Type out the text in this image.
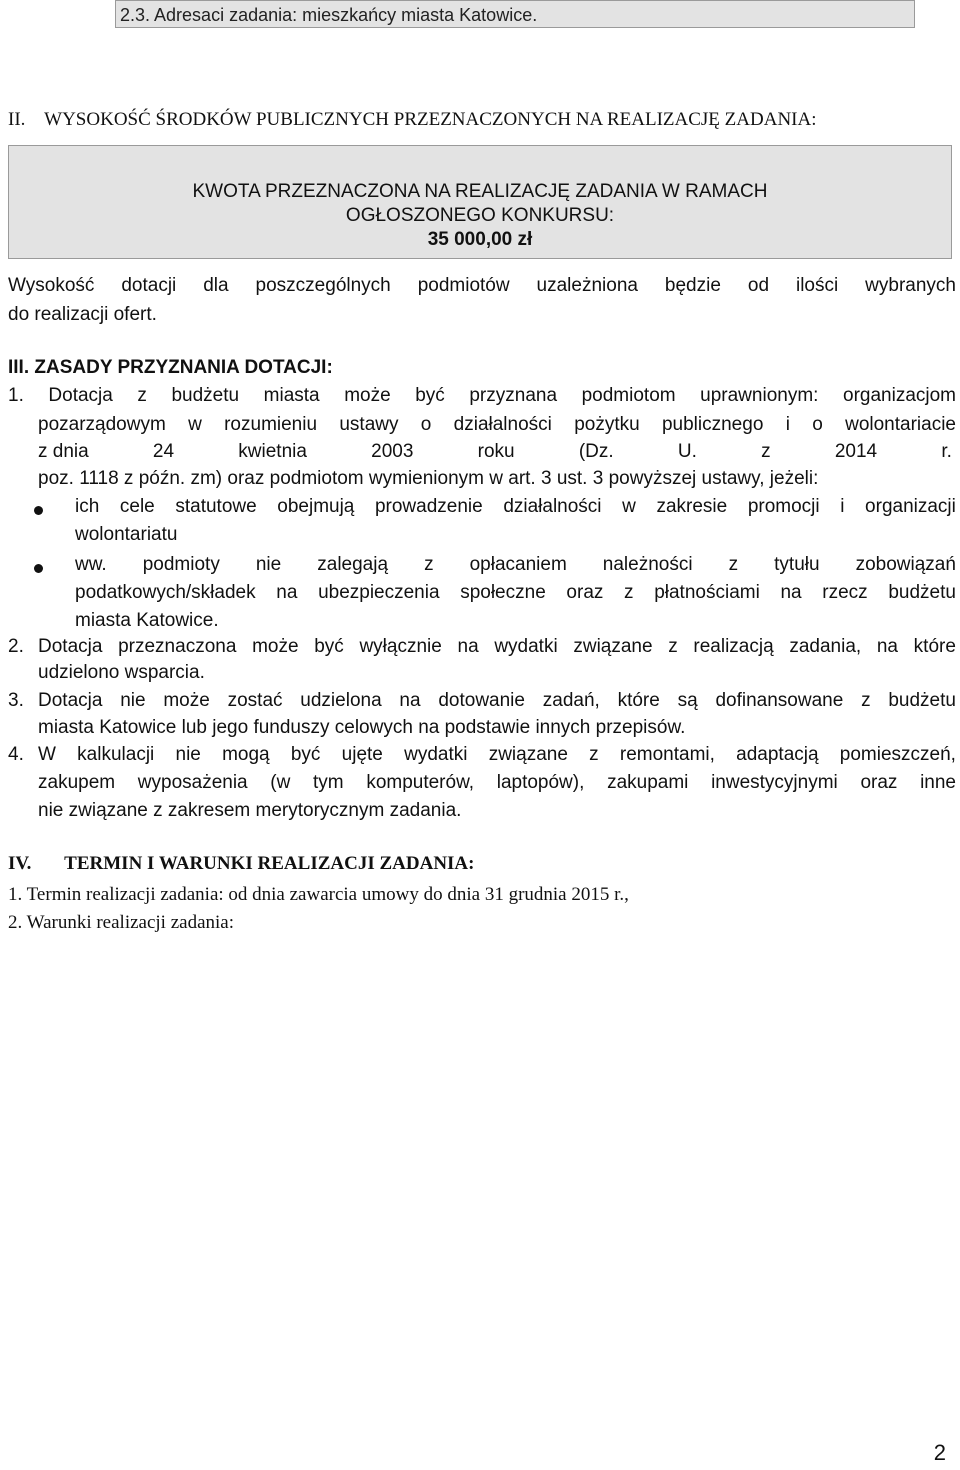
2.3. Adresaci zadania: mieszkańcy miasta Katowice.
II. WYSOKOŚĆ ŚRODKÓW PUBLICZNYCH PRZEZNACZONYCH NA REALIZACJĘ ZADANIA:
KWOTA PRZEZNACZONA NA REALIZACJĘ ZADANIA W RAMACH
OGŁOSZONEGO KONKURSU:
35 000,00 zł
Wysokość dotacji dla poszczególnych podmiotów uzależniona będzie od ilości wybranych
do realizacji ofert.
III. ZASADY PRZYZNANIA DOTACJI:
1. Dotacja z budżetu miasta może być przyznana podmiotom uprawnionym: organizacjom
pozarządowym w rozumieniu ustawy o działalności pożytku publicznego i o wolontariacie
z dnia	24	kwietnia	2003	roku	(Dz.	U.	z	2014	r.
poz. 1118 z późn. zm) oraz podmiotom wymienionym w art. 3 ust. 3 powyższej ustawy, jeżeli:
ich cele statutowe obejmują prowadzenie działalności w zakresie promocji i organizacji
wolontariatu
ww. podmioty nie zalegają z opłacaniem należności z tytułu zobowiązań
podatkowych/składek na ubezpieczenia społeczne oraz z płatnościami na rzecz budżetu
miasta Katowice.
2. Dotacja przeznaczona może być wyłącznie na wydatki związane z realizacją zadania, na które
udzielono wsparcia.
3. Dotacja nie może zostać udzielona na dotowanie zadań, które są dofinansowane z budżetu
miasta Katowice lub jego funduszy celowych na podstawie innych przepisów.
4. W kalkulacji nie mogą być ujęte wydatki związane z remontami, adaptacją pomieszczeń,
zakupem wyposażenia (w tym komputerów, laptopów), zakupami inwestycyjnymi oraz inne
nie związane z zakresem merytorycznym zadania.
IV. TERMIN I WARUNKI REALIZACJI ZADANIA:
1. Termin realizacji zadania: od dnia zawarcia umowy do dnia 31 grudnia 2015 r.,
2. Warunki realizacji zadania:
2
